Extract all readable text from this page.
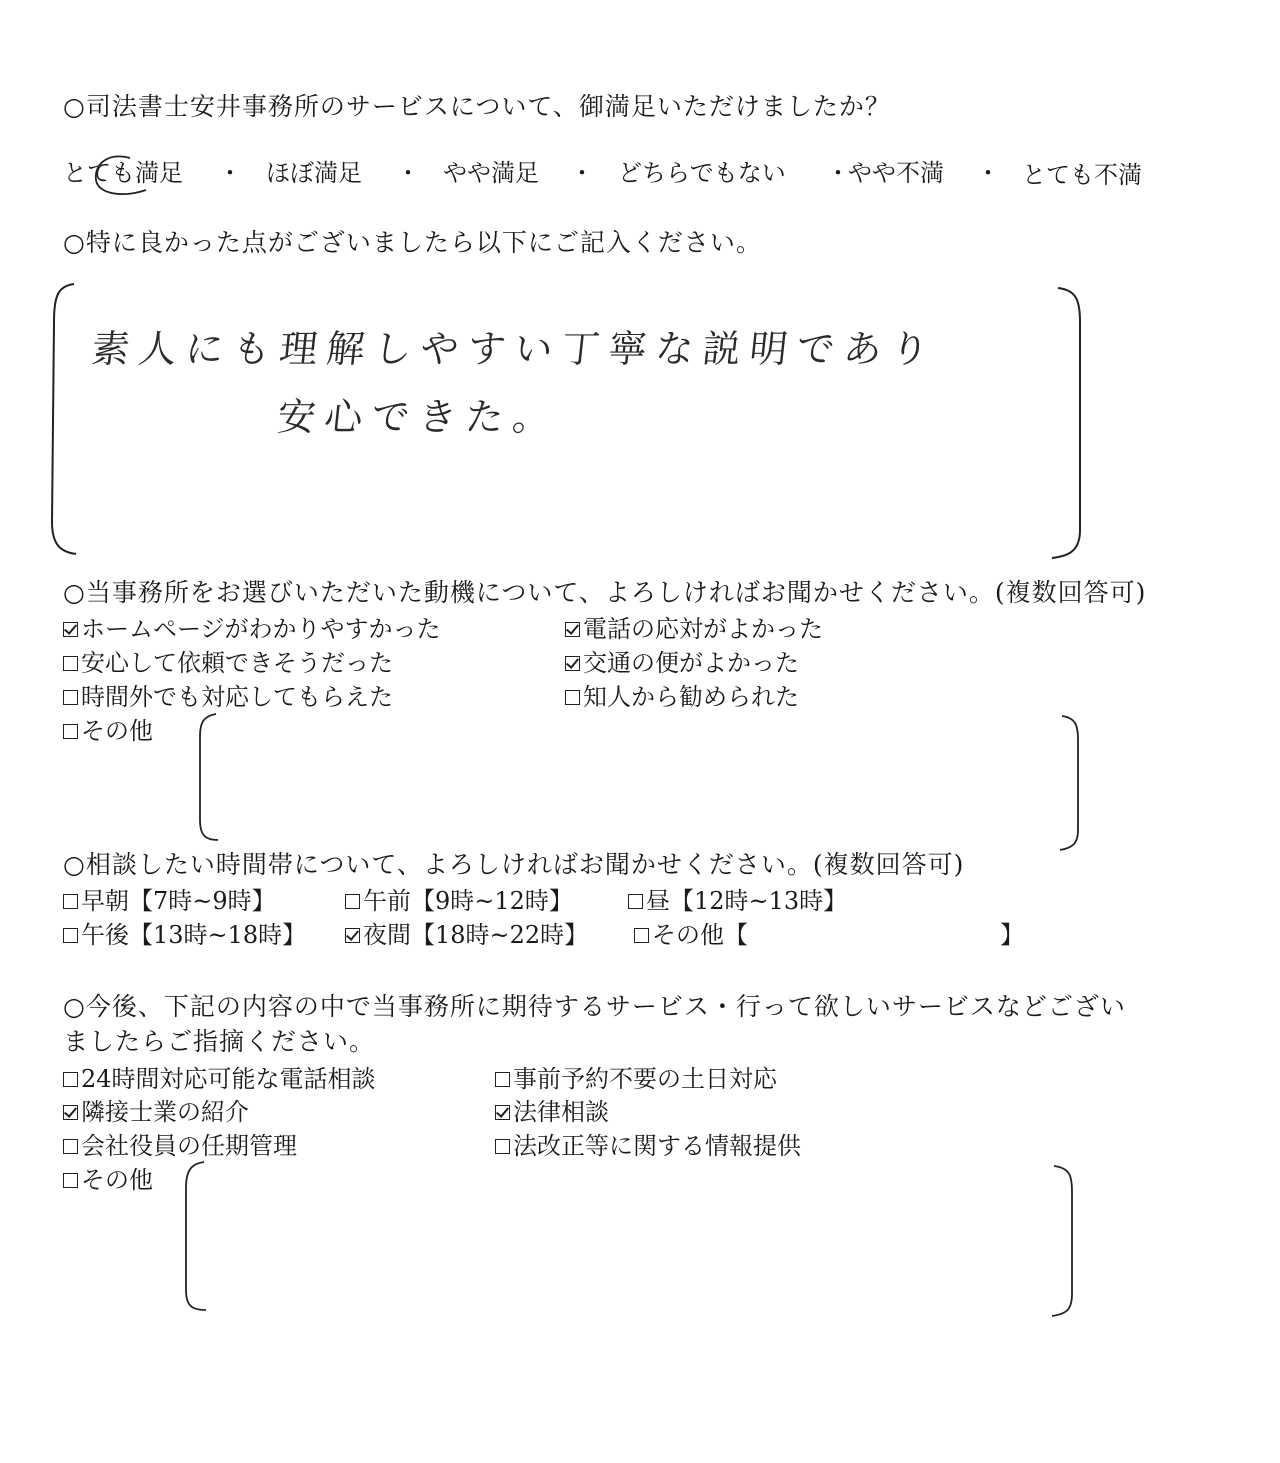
○司法書士安井事務所のサービスについて、御満足いただけましたか？
とても満足 ・ ほぼ満足 ・ やや満足 ・ どちらでもない ・
やや不満 ・ とても不満
○特に良かった点がございましたら以下にご記入ください。
素人にも理解しやすい丁寧な説明であり
安心できた。
○当事務所をお選びいただいた動機について、よろしければお聞かせください。(複数回答可)
ホームページがわかりやすかった	電話の応対がよかった
安心して依頼できそうだった	交通の便がよかった
時間外でも対応してもらえた	知人から勧められた
その他
○相談したい時間帯について、よろしければお聞かせください。(複数回答可)
早朝【7時~9時】	午前【9時~12時】	昼【12時~13時】
午後【13時~18時】 夜間【18時~22時】	その他【	】
○今後、下記の内容の中で当事務所に期待するサービス・行って欲しいサービスなどござい
ましたらご指摘ください。
24時間対応可能な電話相談	事前予約不要の土日対応
隣接士業の紹介	法律相談
会社役員の任期管理	法改正等に関する情報提供
その他
